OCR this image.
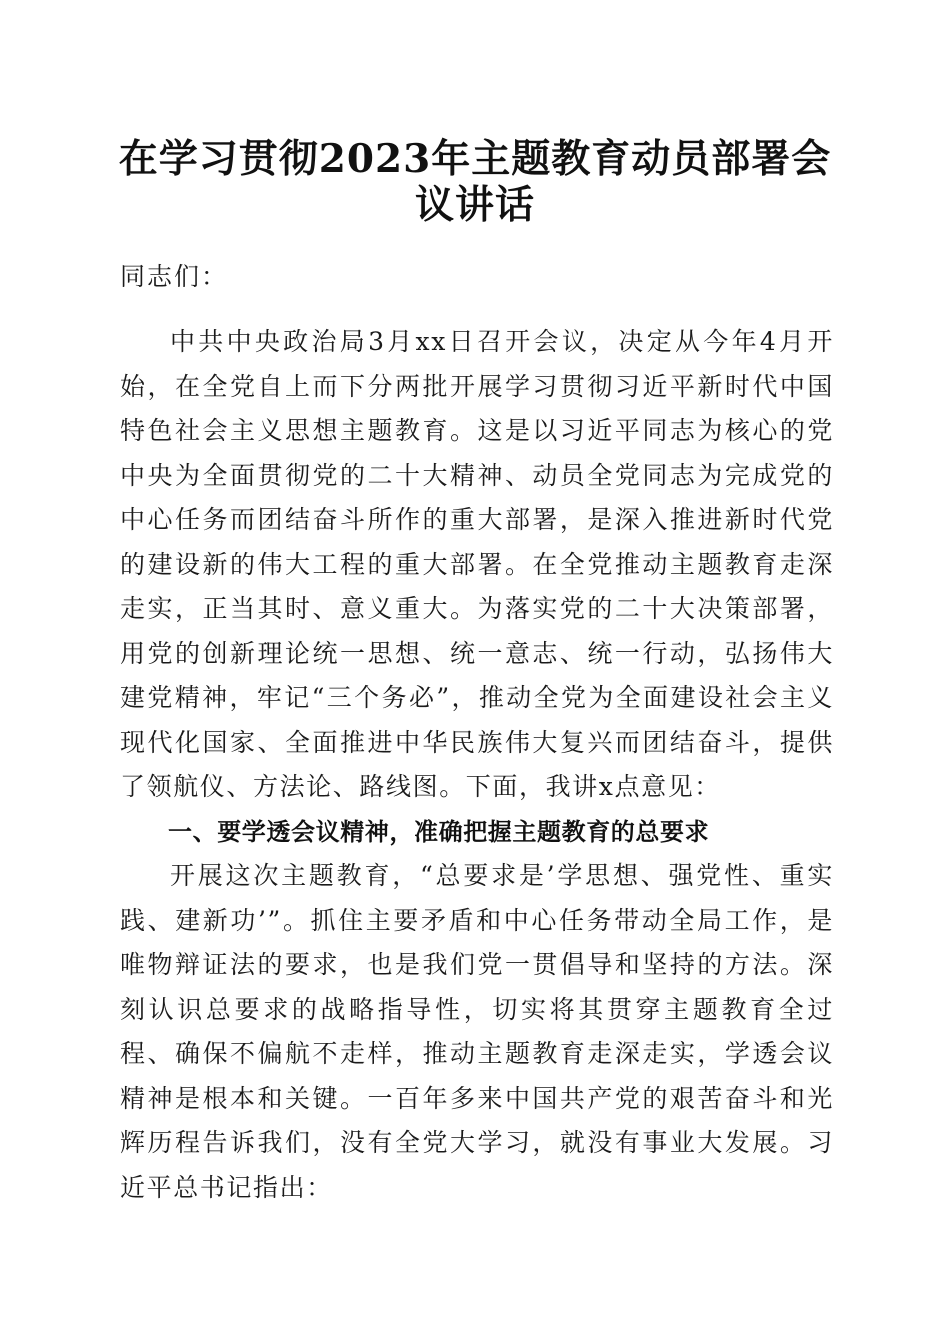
在学习贯彻2023年主题教育动员部署会议讲话

同志们：

中共中央政治局3月xx日召开会议，决定从今年4月开始，在全党自上而下分两批开展学习贯彻习近平新时代中国特色社会主义思想主题教育。这是以习近平同志为核心的党中央为全面贯彻党的二十大精神、动员全党同志为完成党的中心任务而团结奋斗所作的重大部署，是深入推进新时代党的建设新的伟大工程的重大部署。在全党推动主题教育走深走实，正当其时、意义重大。为落实党的二十大决策部署，用党的创新理论统一思想、统一意志、统一行动，弘扬伟大建党精神，牢记“三个务必”，推动全党为全面建设社会主义现代化国家、全面推进中华民族伟大复兴而团结奋斗，提供了领航仪、方法论、路线图。下面，我讲x点意见：

一、要学透会议精神，准确把握主题教育的总要求

开展这次主题教育，“总要求是’学思想、强党性、重实践、建新功’”。抓住主要矛盾和中心任务带动全局工作，是唯物辩证法的要求，也是我们党一贯倡导和坚持的方法。深刻认识总要求的战略指导性，切实将其贯穿主题教育全过程、确保不偏航不走样，推动主题教育走深走实，学透会议精神是根本和关键。一百年多来中国共产党的艰苦奋斗和光辉历程告诉我们，没有全党大学习，就没有事业大发展。习近平总书记指出：
